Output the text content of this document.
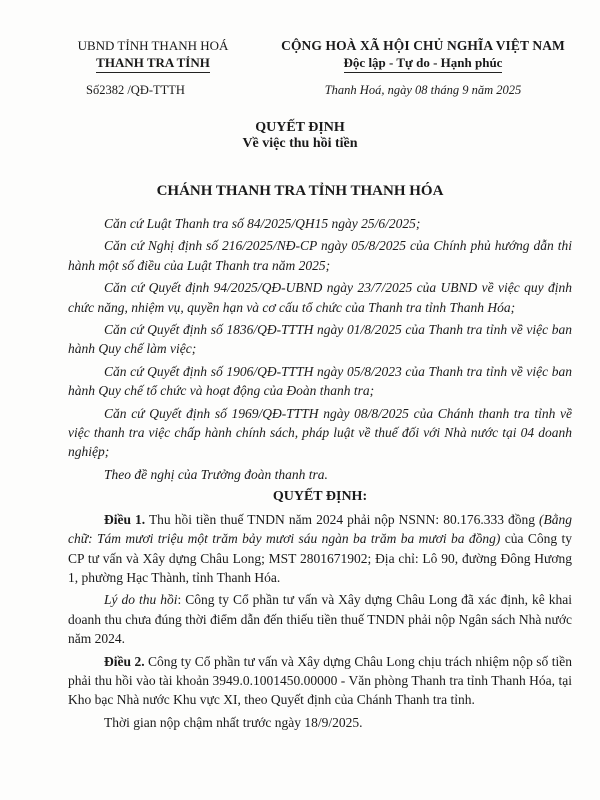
UBND TỈNH THANH HOÁ
THANH TRA TỈNH
Số2382 /QĐ-TTTH
CỘNG HOÀ XÃ HỘI CHỦ NGHĨA VIỆT NAM
Độc lập - Tự do - Hạnh phúc
Thanh Hoá, ngày 08 tháng 9 năm 2025
QUYẾT ĐỊNH
Về việc thu hồi tiền
CHÁNH THANH TRA TỈNH THANH HÓA

Căn cứ Luật Thanh tra số 84/2025/QH15 ngày 25/6/2025;

Căn cứ Nghị định số 216/2025/NĐ-CP ngày 05/8/2025 của Chính phủ hướng dẫn thi hành một số điều của Luật Thanh tra năm 2025;

Căn cứ Quyết định 94/2025/QĐ-UBND ngày 23/7/2025 của UBND về việc quy định chức năng, nhiệm vụ, quyền hạn và cơ cấu tổ chức của Thanh tra tỉnh Thanh Hóa;

Căn cứ Quyết định số 1836/QĐ-TTTH ngày 01/8/2025 của Thanh tra tỉnh về việc ban hành Quy chế làm việc;

Căn cứ Quyết định số 1906/QĐ-TTTH ngày 05/8/2023 của Thanh tra tỉnh về việc ban hành Quy chế tổ chức và hoạt động của Đoàn thanh tra;

Căn cứ Quyết định số 1969/QĐ-TTTH ngày 08/8/2025 của Chánh thanh tra tỉnh về việc thanh tra việc chấp hành chính sách, pháp luật về thuế đối với Nhà nước tại 04 doanh nghiệp;

Theo đề nghị của Trưởng đoàn thanh tra.

QUYẾT ĐỊNH:

Điều 1. Thu hồi tiền thuế TNDN năm 2024 phải nộp NSNN: 80.176.333 đồng (Bằng chữ: Tám mươi triệu một trăm bảy mươi sáu ngàn ba trăm ba mươi ba đồng) của Công ty CP tư vấn và Xây dựng Châu Long; MST 2801671902; Địa chỉ: Lô 90, đường Đông Hương 1, phường Hạc Thành, tỉnh Thanh Hóa.

Lý do thu hồi: Công ty Cổ phần tư vấn và Xây dựng Châu Long đã xác định, kê khai doanh thu chưa đúng thời điểm dẫn đến thiếu tiền thuế TNDN phải nộp Ngân sách Nhà nước năm 2024.

Điều 2. Công ty Cổ phần tư vấn và Xây dựng Châu Long chịu trách nhiệm nộp số tiền phải thu hồi vào tài khoản 3949.0.1001450.00000 - Văn phòng Thanh tra tỉnh Thanh Hóa, tại Kho bạc Nhà nước Khu vực XI, theo Quyết định của Chánh Thanh tra tỉnh.

Thời gian nộp chậm nhất trước ngày 18/9/2025.
